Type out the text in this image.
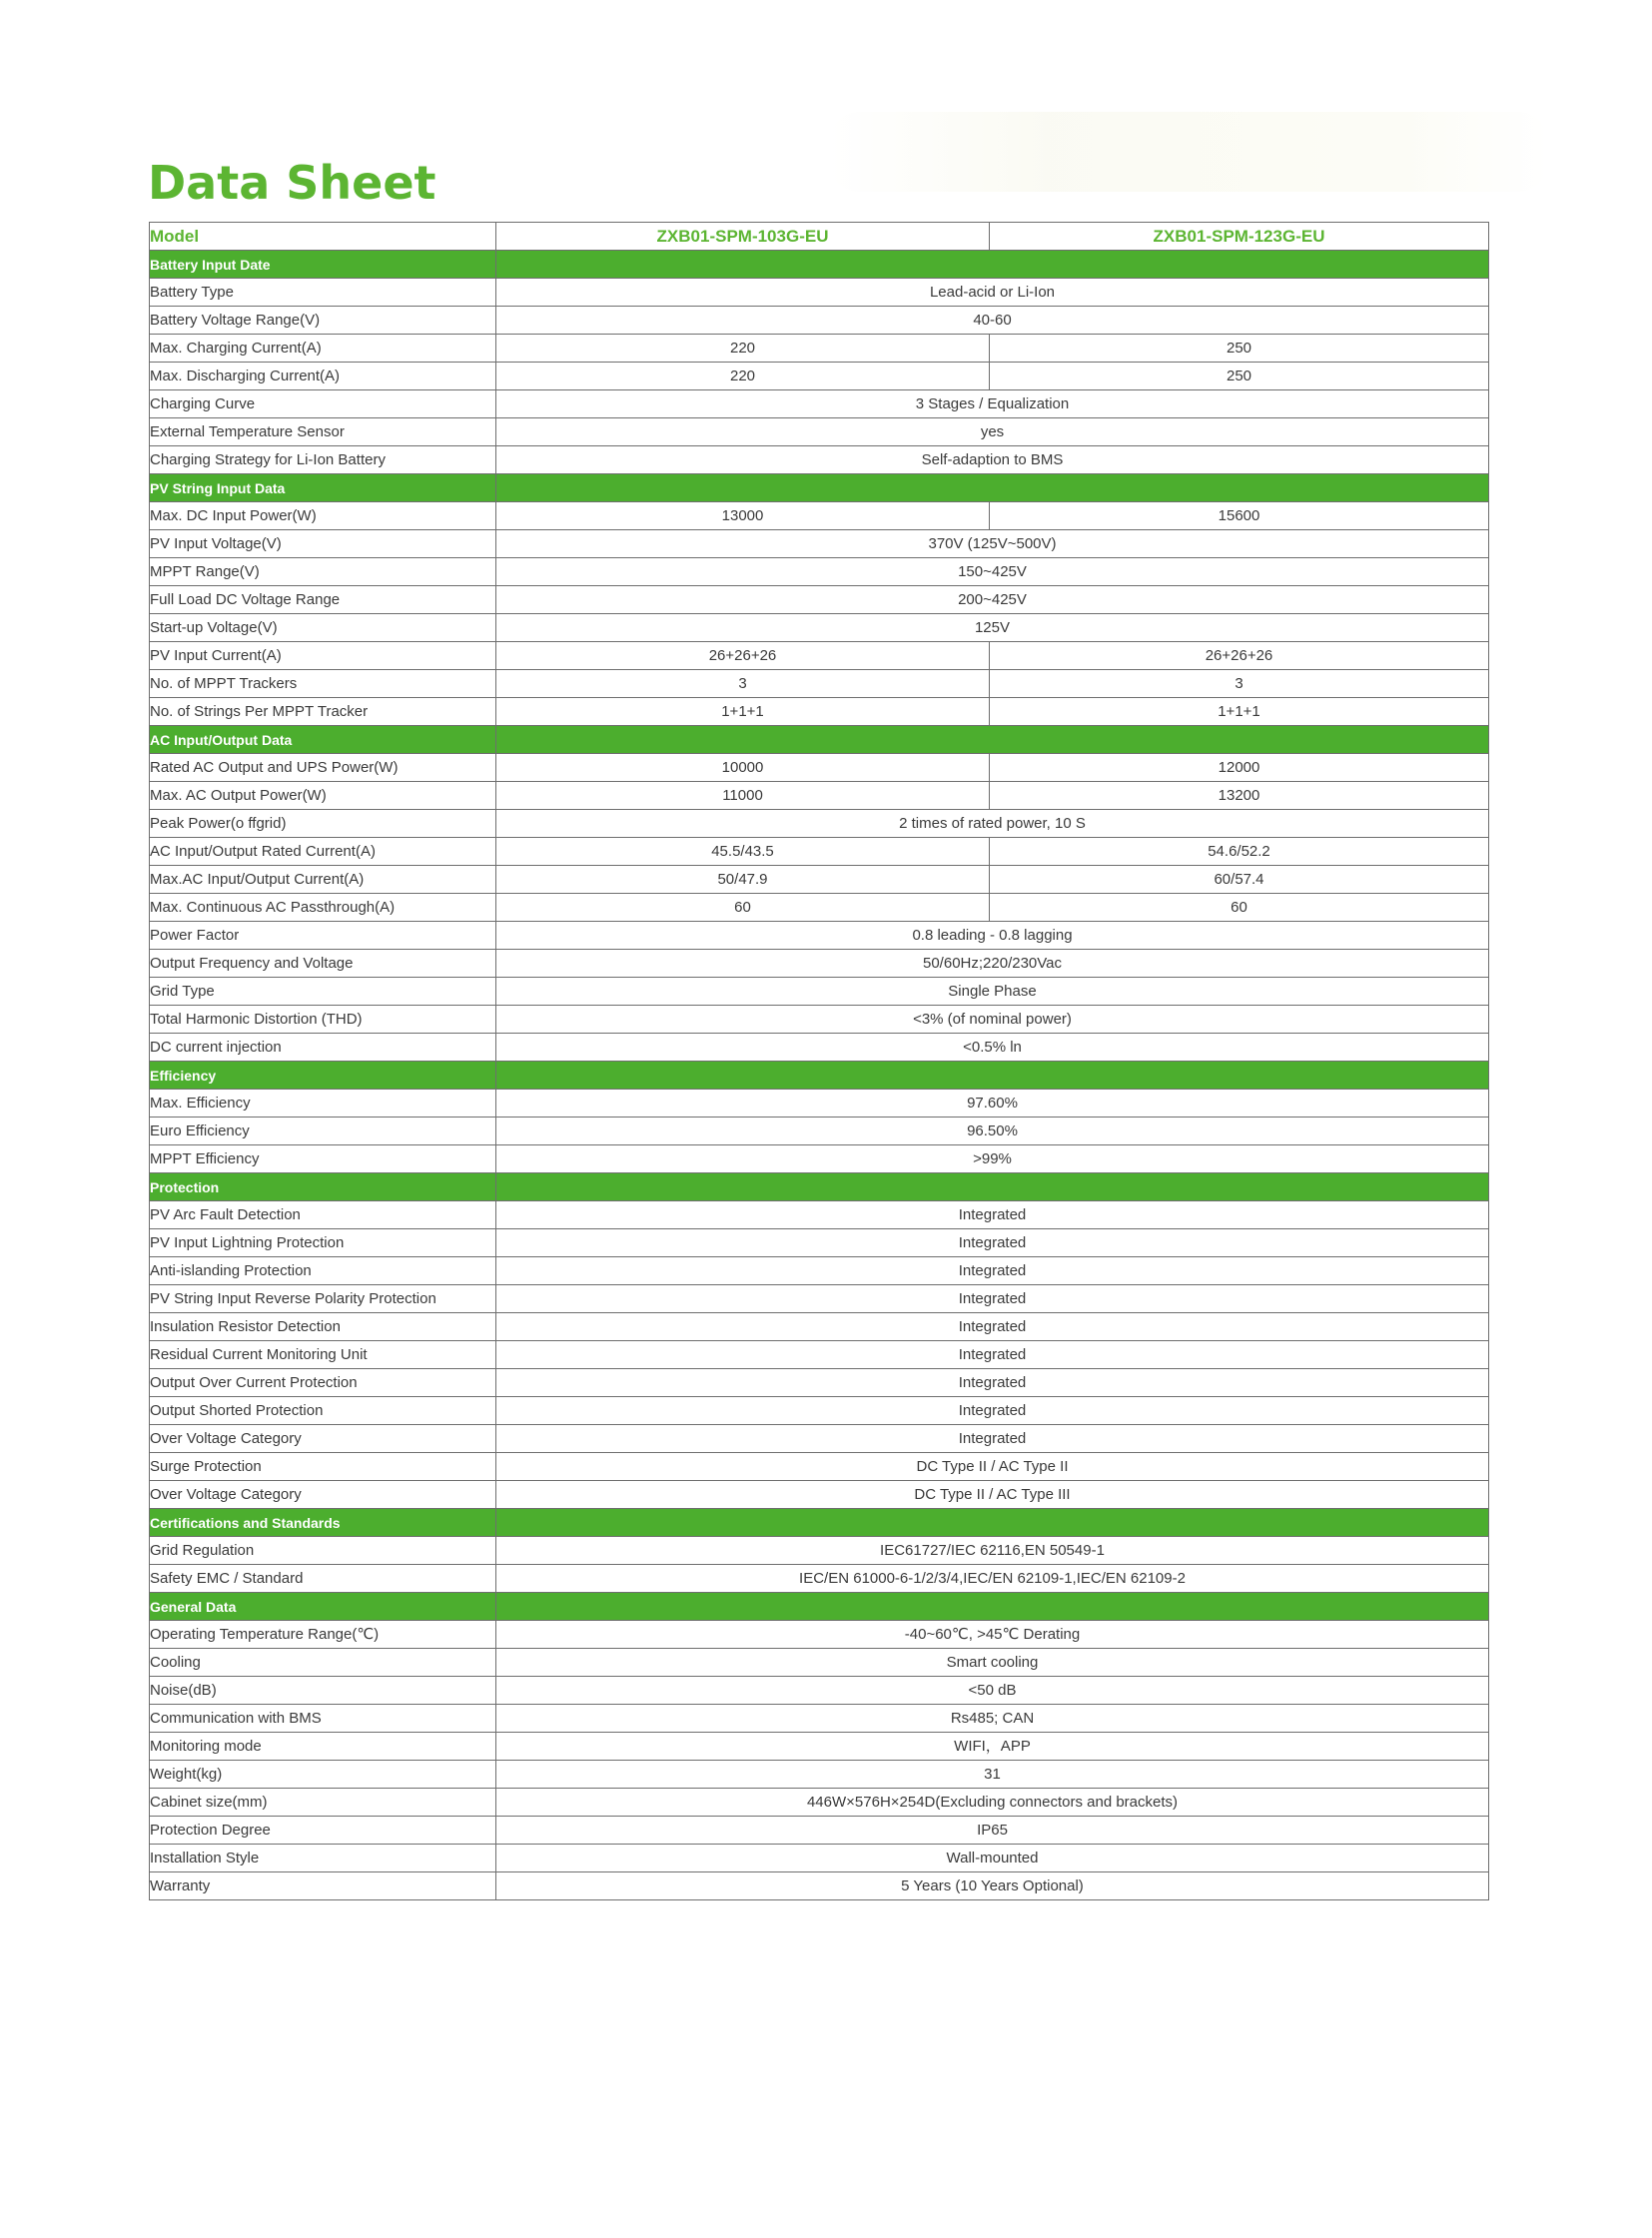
Data Sheet
Model	ZXB01-SPM-103G-EU	ZXB01-SPM-123G-EU
Battery Input Date		
Battery Type	Lead-acid or Li-Ion	
Battery Voltage Range(V)	40-60	
Max. Charging Current(A)	220	250
Max. Discharging Current(A)	220	250
Charging Curve	3 Stages / Equalization	
External Temperature Sensor	yes	
Charging Strategy for Li-Ion Battery	Self-adaption to BMS	
PV String Input Data		
Max. DC Input Power(W)	13000	15600
PV Input Voltage(V)	370V (125V~500V)	
MPPT Range(V)	150~425V	
Full Load DC Voltage Range	200~425V	
Start-up Voltage(V)	125V	
PV Input Current(A)	26+26+26	26+26+26
No. of MPPT Trackers	3	3
No. of Strings Per MPPT Tracker	1+1+1	1+1+1
AC Input/Output Data		
Rated AC Output and UPS Power(W)	10000	12000
Max. AC Output Power(W)	11000	13200
Peak Power(o ffgrid)	2 times of rated power, 10 S	
AC Input/Output Rated Current(A)	45.5/43.5	54.6/52.2
Max.AC Input/Output Current(A)	50/47.9	60/57.4
Max. Continuous AC Passthrough(A)	60	60
Power Factor	0.8 leading - 0.8 lagging	
Output Frequency and Voltage	50/60Hz;220/230Vac	
Grid Type	Single Phase	
Total Harmonic Distortion (THD)	<3% (of nominal power)	
DC current injection	<0.5% ln	
Efficiency		
Max. Efficiency	97.60%	
Euro Efficiency	96.50%	
MPPT Efficiency	>99%	
Protection		
PV Arc Fault Detection	Integrated	
PV Input Lightning Protection	Integrated	
Anti-islanding Protection	Integrated	
PV String Input Reverse Polarity Protection	Integrated	
Insulation Resistor Detection	Integrated	
Residual Current Monitoring Unit	Integrated	
Output Over Current Protection	Integrated	
Output Shorted Protection	Integrated	
Over Voltage Category	Integrated	
Surge Protection	DC Type II / AC Type II	
Over Voltage Category	DC Type II / AC Type III	
Certifications and Standards		
Grid Regulation	IEC61727/IEC 62116,EN 50549-1	
Safety EMC / Standard	IEC/EN 61000-6-1/2/3/4,IEC/EN 62109-1,IEC/EN 62109-2	
General Data		
Operating Temperature Range(℃)	-40~60℃, >45℃ Derating	
Cooling	Smart cooling	
Noise(dB)	<50 dB	
Communication with BMS	Rs485; CAN	
Monitoring mode	WIFI，APP	
Weight(kg)	31	
Cabinet size(mm)	446W×576H×254D(Excluding connectors and brackets)	
Protection Degree	IP65	
Installation Style	Wall-mounted	
Warranty	5 Years (10 Years Optional)	
